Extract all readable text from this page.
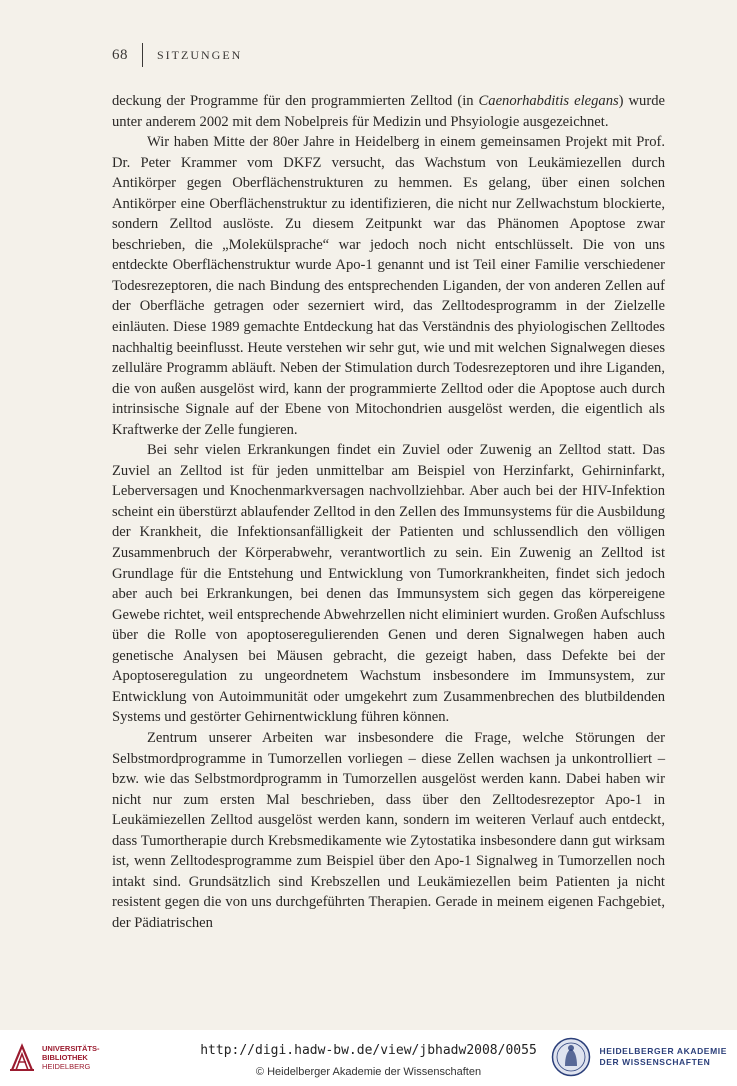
68 SITZUNGEN

deckung der Programme für den programmierten Zelltod (in Caenorhabditis elegans) wurde unter anderem 2002 mit dem Nobelpreis für Medizin und Phsyiologie ausgezeichnet.

Wir haben Mitte der 80er Jahre in Heidelberg in einem gemeinsamen Projekt mit Prof. Dr. Peter Krammer vom DKFZ versucht, das Wachstum von Leukämiezellen durch Antikörper gegen Oberflächenstrukturen zu hemmen. Es gelang, über einen solchen Antikörper eine Oberflächenstruktur zu identifizieren, die nicht nur Zellwachstum blockierte, sondern Zelltod auslöste. Zu diesem Zeitpunkt war das Phänomen Apoptose zwar beschrieben, die „Molekülsprache“ war jedoch noch nicht entschlüsselt. Die von uns entdeckte Oberflächenstruktur wurde Apo-1 genannt und ist Teil einer Familie verschiedener Todesrezeptoren, die nach Bindung des entsprechenden Liganden, der von anderen Zellen auf der Oberfläche getragen oder sezerniert wird, das Zelltodesprogramm in der Zielzelle einläuten. Diese 1989 gemachte Entdeckung hat das Verständnis des phyiologischen Zelltodes nachhaltig beeinflusst. Heute verstehen wir sehr gut, wie und mit welchen Signalwegen dieses zelluläre Programm abläuft. Neben der Stimulation durch Todesrezeptoren und ihre Liganden, die von außen ausgelöst wird, kann der programmierte Zelltod oder die Apoptose auch durch intrinsische Signale auf der Ebene von Mitochondrien ausgelöst werden, die eigentlich als Kraftwerke der Zelle fungieren.

Bei sehr vielen Erkrankungen findet ein Zuviel oder Zuwenig an Zelltod statt. Das Zuviel an Zelltod ist für jeden unmittelbar am Beispiel von Herzinfarkt, Gehirninfarkt, Leberversagen und Knochenmarkversagen nachvollziehbar. Aber auch bei der HIV-Infektion scheint ein überstürzt ablaufender Zelltod in den Zellen des Immunsystems für die Ausbildung der Krankheit, die Infektionsanfälligkeit der Patienten und schlussendlich den völligen Zusammenbruch der Körperabwehr, verantwortlich zu sein. Ein Zuwenig an Zelltod ist Grundlage für die Entstehung und Entwicklung von Tumorkrankheiten, findet sich jedoch aber auch bei Erkrankungen, bei denen das Immunsystem sich gegen das körpereigene Gewebe richtet, weil entsprechende Abwehrzellen nicht eliminiert wurden. Großen Aufschluss über die Rolle von apoptoseregulierenden Genen und deren Signalwegen haben auch genetische Analysen bei Mäusen gebracht, die gezeigt haben, dass Defekte bei der Apoptoseregulation zu ungeordnetem Wachstum insbesondere im Immunsystem, zur Entwicklung von Autoimmunität oder umgekehrt zum Zusammenbrechen des blutbildenden Systems und gestörter Gehirnentwicklung führen können.

Zentrum unserer Arbeiten war insbesondere die Frage, welche Störungen der Selbstmordprogramme in Tumorzellen vorliegen – diese Zellen wachsen ja unkontrolliert – bzw. wie das Selbstmordprogramm in Tumorzellen ausgelöst werden kann. Dabei haben wir nicht nur zum ersten Mal beschrieben, dass über den Zelltodesrezeptor Apo-1 in Leukämiezellen Zelltod ausgelöst werden kann, sondern im weiteren Verlauf auch entdeckt, dass Tumortherapie durch Krebsmedikamente wie Zytostatika insbesondere dann gut wirksam ist, wenn Zelltodesprogramme zum Beispiel über den Apo-1 Signalweg in Tumorzellen noch intakt sind. Grundsätzlich sind Krebszellen und Leukämiezellen beim Patienten ja nicht resistent gegen die von uns durchgeführten Therapien. Gerade in meinem eigenen Fachgebiet, der Pädiatrischen

UNIVERSITÄTS-
BIBLIOTHEK
HEIDELBERG
http://digi.hadw-bw.de/view/jbhadw2008/0055
© Heidelberger Akademie der Wissenschaften
HEIDELBERGER AKADEMIE
DER WISSENSCHAFTEN
